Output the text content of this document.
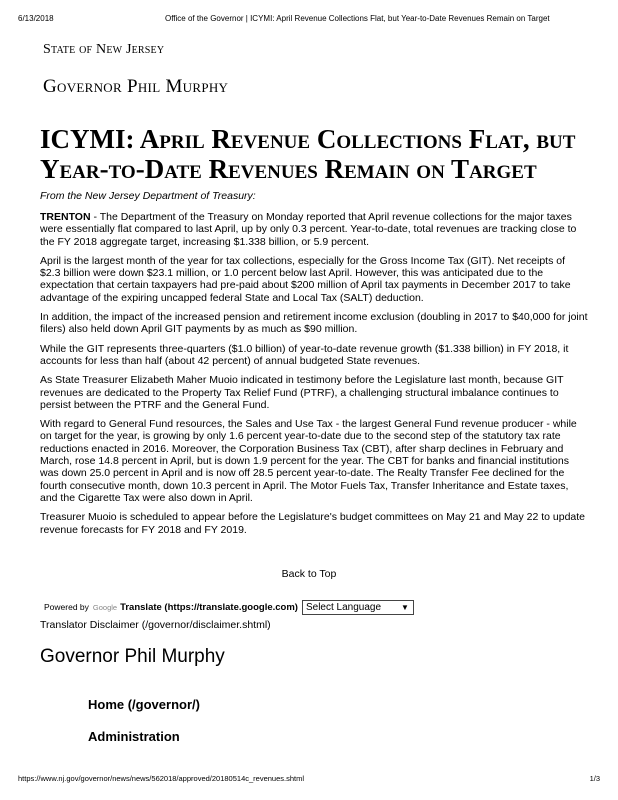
6/13/2018	Office of the Governor | ICYMI: April Revenue Collections Flat, but Year-to-Date Revenues Remain on Target
State of New Jersey
Governor Phil Murphy
ICYMI: April Revenue Collections Flat, but Year-to-Date Revenues Remain on Target
From the New Jersey Department of Treasury:

TRENTON - The Department of the Treasury on Monday reported that April revenue collections for the major taxes were essentially flat compared to last April, up by only 0.3 percent. Year-to-date, total revenues are tracking close to the FY 2018 aggregate target, increasing $1.338 billion, or 5.9 percent.

April is the largest month of the year for tax collections, especially for the Gross Income Tax (GIT). Net receipts of $2.3 billion were down $23.1 million, or 1.0 percent below last April. However, this was anticipated due to the expectation that certain taxpayers had pre-paid about $200 million of April tax payments in December 2017 to take advantage of the expiring uncapped federal State and Local Tax (SALT) deduction.

In addition, the impact of the increased pension and retirement income exclusion (doubling in 2017 to $40,000 for joint filers) also held down April GIT payments by as much as $90 million.

While the GIT represents three-quarters ($1.0 billion) of year-to-date revenue growth ($1.338 billion) in FY 2018, it accounts for less than half (about 42 percent) of annual budgeted State revenues.

As State Treasurer Elizabeth Maher Muoio indicated in testimony before the Legislature last month, because GIT revenues are dedicated to the Property Tax Relief Fund (PTRF), a challenging structural imbalance continues to persist between the PTRF and the General Fund.

With regard to General Fund resources, the Sales and Use Tax - the largest General Fund revenue producer - while on target for the year, is growing by only 1.6 percent year-to-date due to the second step of the statutory tax rate reductions enacted in 2016. Moreover, the Corporation Business Tax (CBT), after sharp declines in February and March, rose 14.8 percent in April, but is down 1.9 percent for the year. The CBT for banks and financial institutions was down 25.0 percent in April and is now off 28.5 percent year-to-date. The Realty Transfer Fee declined for the fourth consecutive month, down 10.3 percent in April. The Motor Fuels Tax, Transfer Inheritance and Estate taxes, and the Cigarette Tax were also down in April.

Treasurer Muoio is scheduled to appear before the Legislature's budget committees on May 21 and May 22 to update revenue forecasts for FY 2018 and FY 2019.

Back to Top
Powered by Google Translate (https://translate.google.com) Select Language	▼
Translator Disclaimer (/governor/disclaimer.shtml)
Governor Phil Murphy
Home (/governor/)
Administration
https://www.nj.gov/governor/news/news/562018/approved/20180514c_revenues.shtml	1/3
